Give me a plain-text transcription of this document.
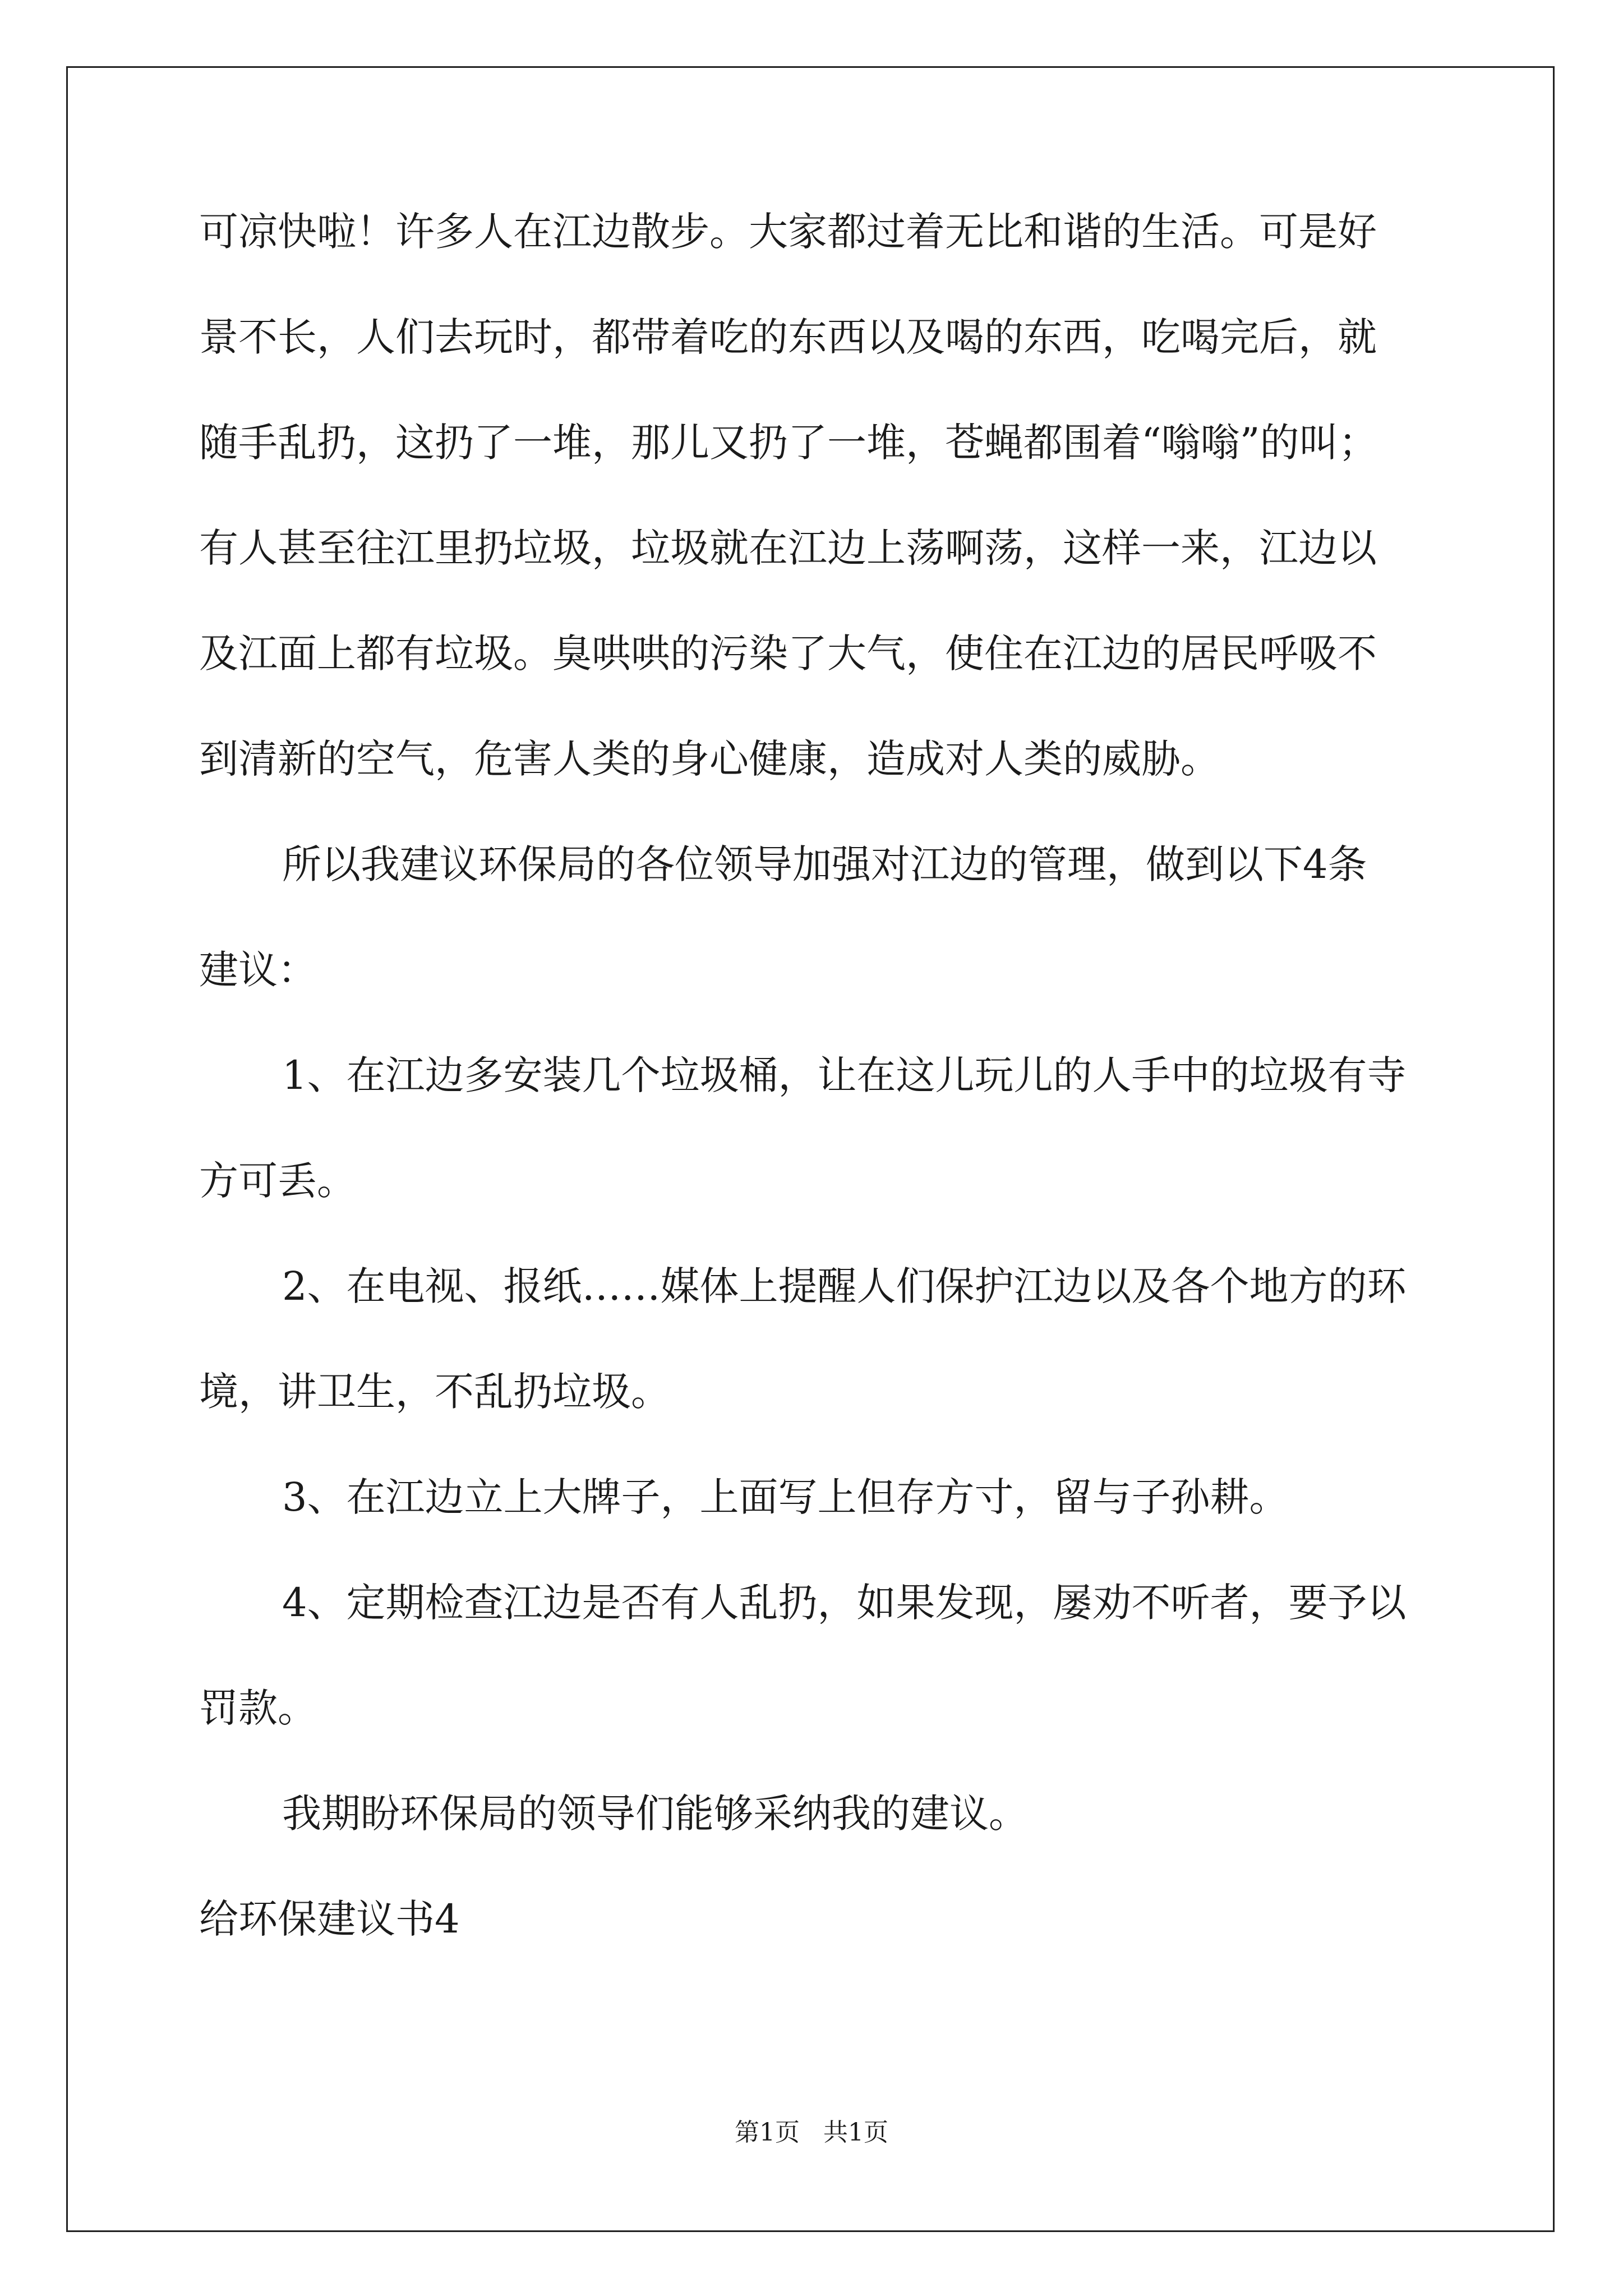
可凉快啦！许多人在江边散步。大家都过着无比和谐的生活。可是好
景不长，人们去玩时，都带着吃的东西以及喝的东西，吃喝完后，就
随手乱扔，这扔了一堆，那儿又扔了一堆，苍蝇都围着“嗡嗡”的叫；
有人甚至往江里扔垃圾，垃圾就在江边上荡啊荡，这样一来，江边以
及江面上都有垃圾。臭哄哄的污染了大气，使住在江边的居民呼吸不
到清新的空气，危害人类的身心健康，造成对人类的威胁。
所以我建议环保局的各位领导加强对江边的管理，做到以下4条
建议：
1、在江边多安装几个垃圾桶，让在这儿玩儿的人手中的垃圾有寺
方可丢。
2、在电视、报纸……媒体上提醒人们保护江边以及各个地方的环
境，讲卫生，不乱扔垃圾。
3、在江边立上大牌子，上面写上但存方寸，留与子孙耕。
4、定期检查江边是否有人乱扔，如果发现，屡劝不听者，要予以
罚款。
我期盼环保局的领导们能够采纳我的建议。
给环保建议书4
第1页   共1页
